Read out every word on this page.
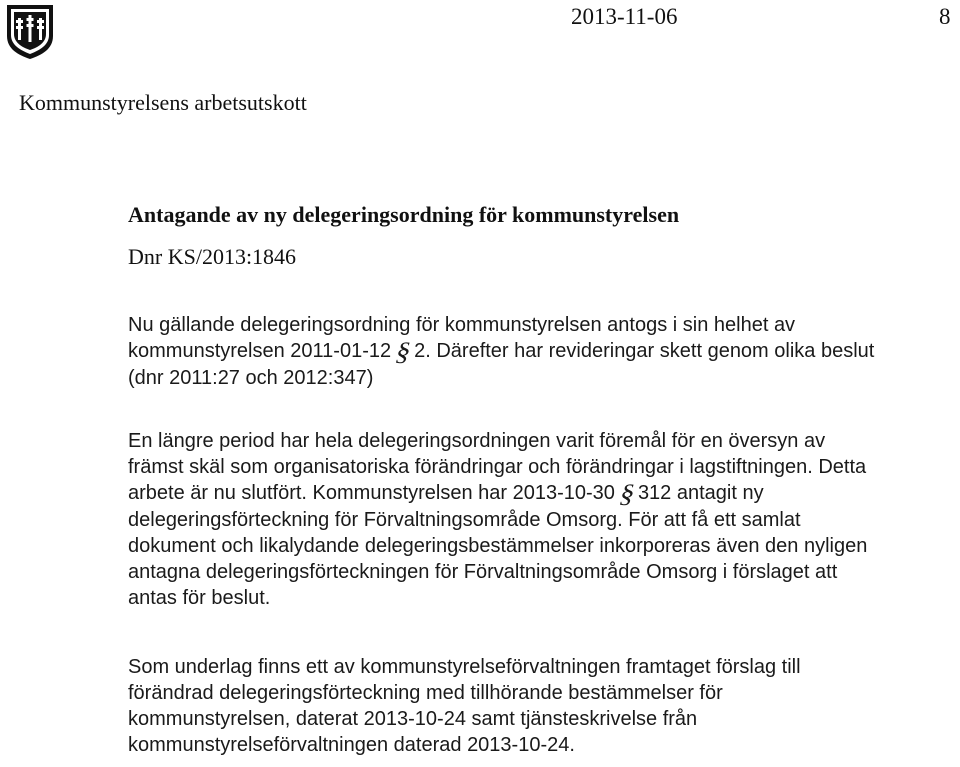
2013-11-06	8
Kommunstyrelsens arbetsutskott
Antagande av ny delegeringsordning för kommunstyrelsen
Dnr KS/2013:1846
Nu gällande delegeringsordning för kommunstyrelsen antogs i sin helhet av
kommunstyrelsen 2011-01-12§2. Därefter har revideringar skett genom olika beslut
(dnr 2011:27 och 2012:347)
En längre period har hela delegeringsordningen varit föremål för en översyn av
främst skäl som organisatoriska förändringar och förändringar i lagstiftningen. Detta
arbete är nu slutfört. Kommunstyrelsen har 2013-10-30§312 antagit ny
delegeringsförteckning för Förvaltningsområde Omsorg. För att få ett samlat
dokument och likalydande delegeringsbestämmelser inkorporeras även den nyligen
antagna delegeringsförteckningen för Förvaltningsområde Omsorg i förslaget att
antas för beslut.
Som underlag finns ett av kommunstyrelseförvaltningen framtaget förslag till
förändrad delegeringsförteckning med tillhörande bestämmelser för
kommunstyrelsen, daterat 2013-10-24 samt tjänsteskrivelse från
kommunstyrelseförvaltningen daterad 2013-10-24.
